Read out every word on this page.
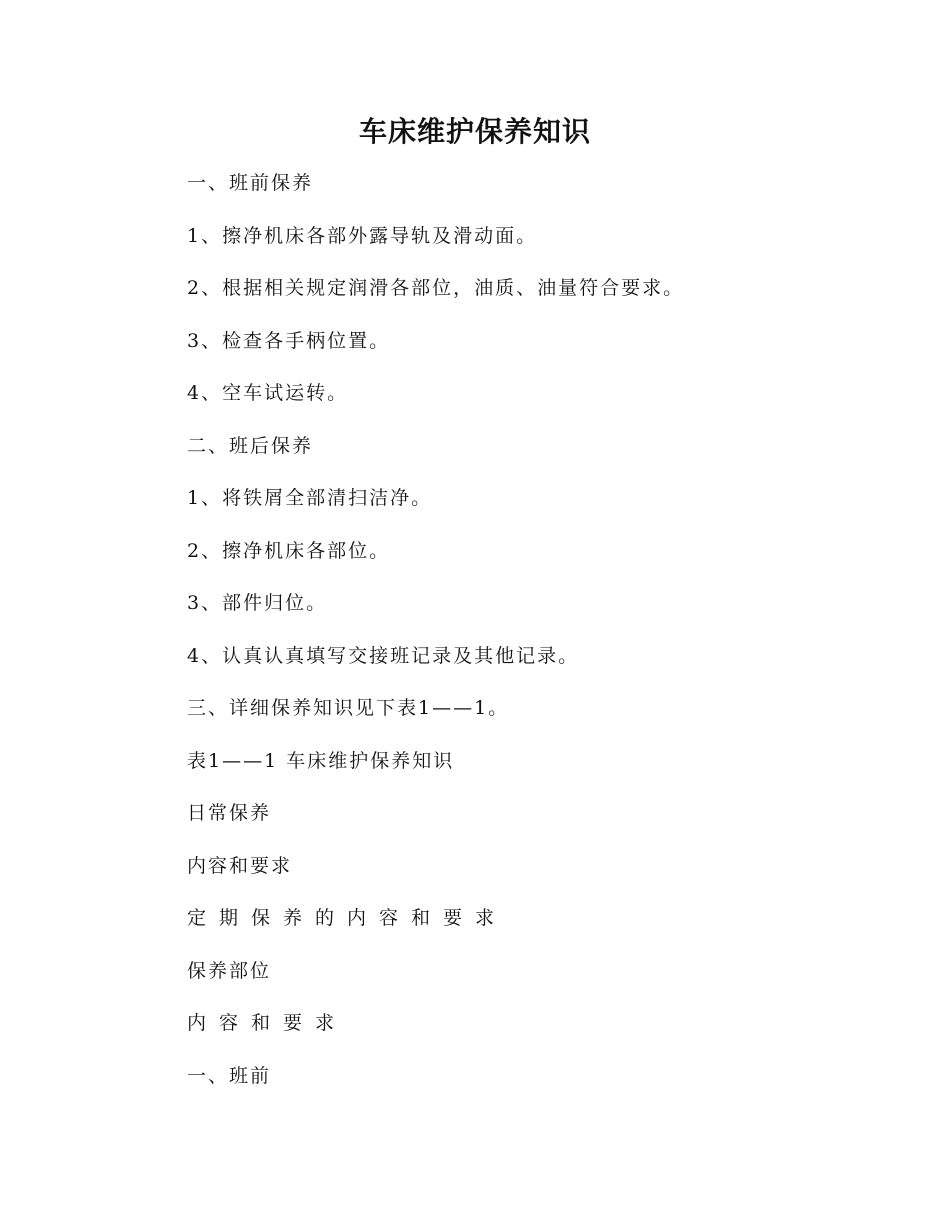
车床维护保养知识

一、班前保养

1、擦净机床各部外露导轨及滑动面。

2、根据相关规定润滑各部位，油质、油量符合要求。

3、检查各手柄位置。

4、空车试运转。

二、班后保养

1、将铁屑全部清扫洁净。

2、擦净机床各部位。

3、部件归位。

4、认真认真填写交接班记录及其他记录。

三、详细保养知识见下表1——1。

表1——1 车床维护保养知识

日常保养

内容和要求

定期保养的内容和要求

保养部位

内容和要求

一、班前
